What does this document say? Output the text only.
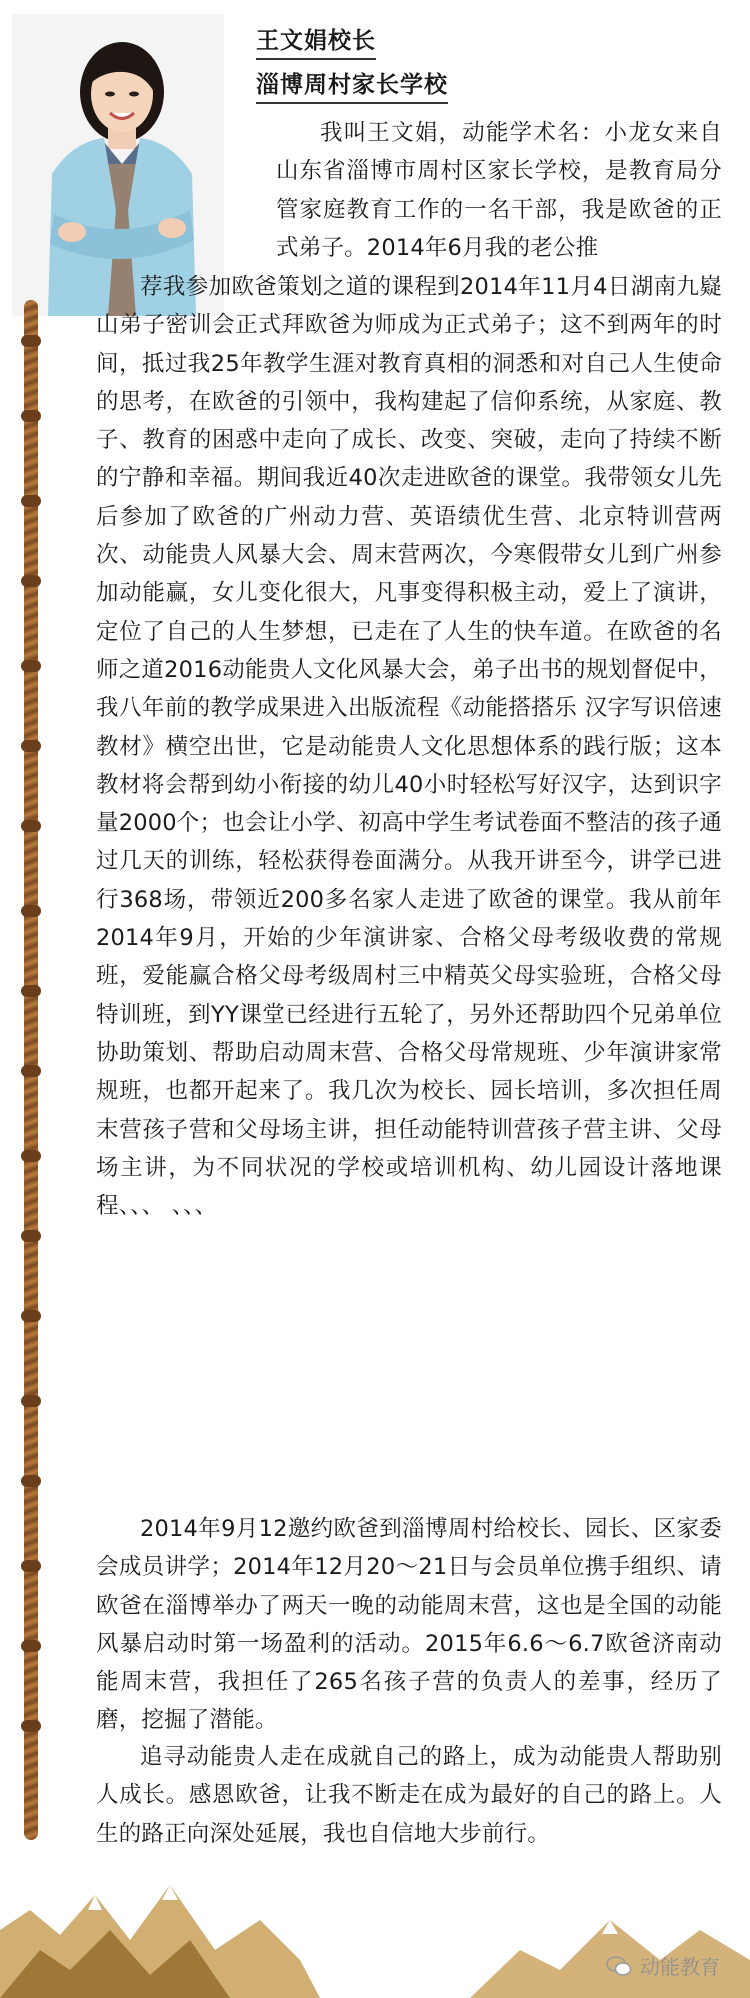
王文娟校长
淄博周村家长学校
我叫王文娟，动能学术名：小龙女来自山东省淄博市周村区家长学校，是教育局分管家庭教育工作的一名干部，我是欧爸的正式弟子。2014年6月我的老公推
荐我参加欧爸策划之道的课程到2014年11月4日湖南九嶷山弟子密训会正式拜欧爸为师成为正式弟子；这不到两年的时间，抵过我25年教学生涯对教育真相的洞悉和对自己人生使命的思考，在欧爸的引领中，我构建起了信仰系统，从家庭、教子、教育的困惑中走向了成长、改变、突破，走向了持续不断的宁静和幸福。期间我近40次走进欧爸的课堂。我带领女儿先后参加了欧爸的广州动力营、英语绩优生营、北京特训营两次、动能贵人风暴大会、周末营两次，今寒假带女儿到广州参加动能赢，女儿变化很大，凡事变得积极主动，爱上了演讲，定位了自己的人生梦想，已走在了人生的快车道。在欧爸的名师之道2016动能贵人文化风暴大会，弟子出书的规划督促中，我八年前的教学成果进入出版流程《动能搭搭乐 汉字写识倍速教材》横空出世，它是动能贵人文化思想体系的践行版；这本教材将会帮到幼小衔接的幼儿40小时轻松写好汉字，达到识字量2000个；也会让小学、初高中学生考试卷面不整洁的孩子通过几天的训练，轻松获得卷面满分。从我开讲至今，讲学已进行368场，带领近200多名家人走进了欧爸的课堂。我从前年2014年9月，开始的少年演讲家、合格父母考级收费的常规班，爱能赢合格父母考级周村三中精英父母实验班，合格父母特训班，到YY课堂已经进行五轮了，另外还帮助四个兄弟单位协助策划、帮助启动周末营、合格父母常规班、少年演讲家常规班，也都开起来了。我几次为校长、园长培训，多次担任周末营孩子营和父母场主讲，担任动能特训营孩子营主讲、父母场主讲，为不同状况的学校或培训机构、幼儿园设计落地课程、、、 、、、
2014年9月12邀约欧爸到淄博周村给校长、园长、区家委会成员讲学；2014年12月20～21日与会员单位携手组织、请欧爸在淄博举办了两天一晚的动能周末营，这也是全国的动能风暴启动时第一场盈利的活动。2015年6.6～6.7欧爸济南动能周末营，我担任了265名孩子营的负责人的差事，经历了磨，挖掘了潜能。
追寻动能贵人走在成就自己的路上，成为动能贵人帮助别人成长。感恩欧爸，让我不断走在成为最好的自己的路上。人生的路正向深处延展，我也自信地大步前行。
动能教育
